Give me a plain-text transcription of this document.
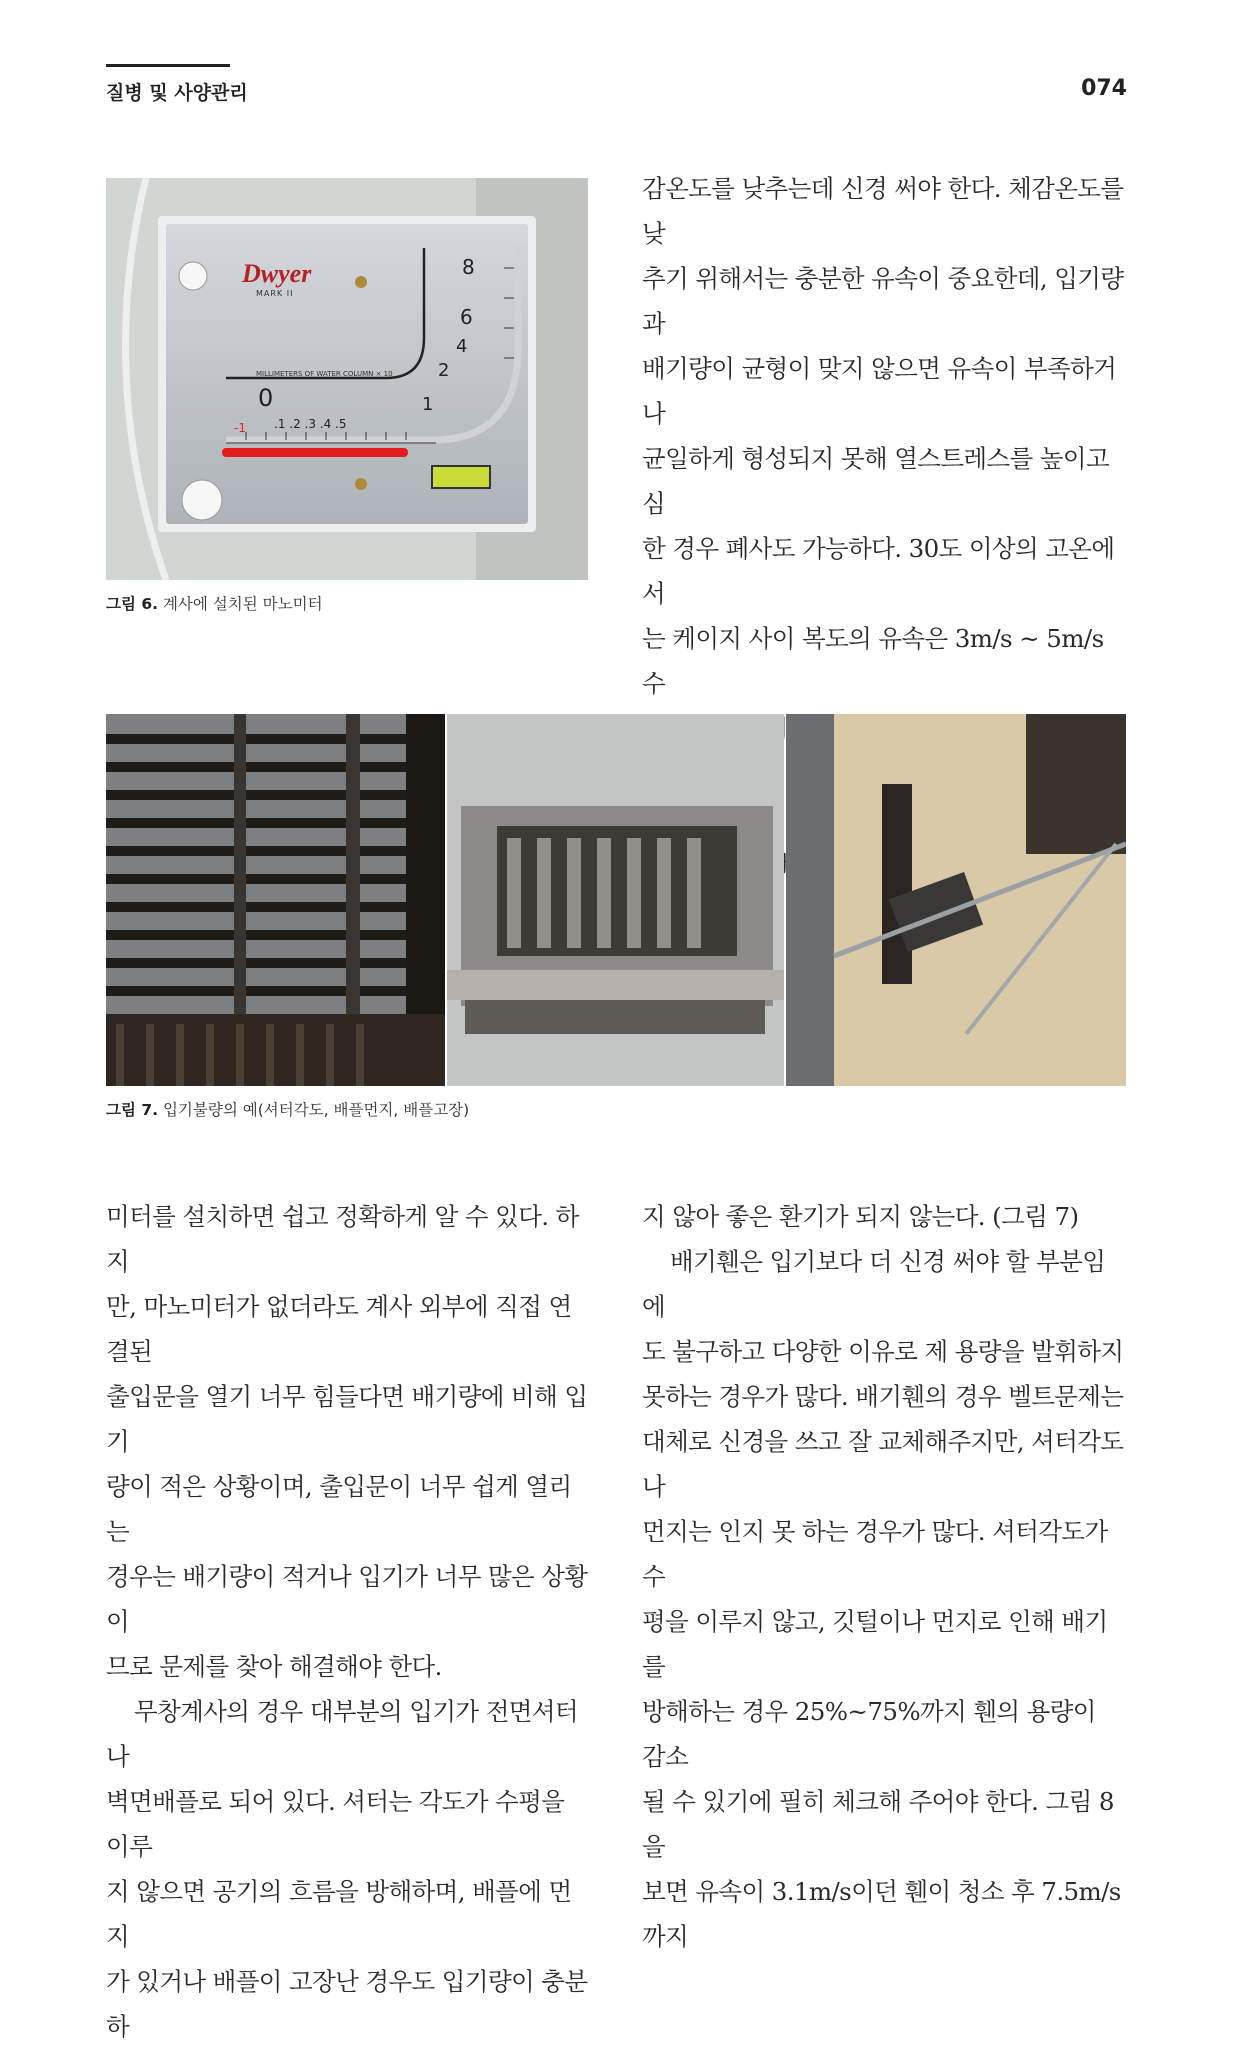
질병 및 사양관리	074
8
6
4
2
1
0
MILLIMETERS OF WATER COLUMN × 10
.1 .2 .3 .4 .5
-1
Dwyer
MARK II
그림 6. 계사에 설치된 마노미터

감온도를 낮추는데 신경 써야 한다. 체감온도를 낮
추기 위해서는 충분한 유속이 중요한데, 입기량과
배기량이 균형이 맞지 않으면 유속이 부족하거나
균일하게 형성되지 못해 열스트레스를 높이고 심
한 경우 폐사도 가능하다. 30도 이상의 고온에서
는 케이지 사이 복도의 유속은 3m/s ~ 5m/s 수

그림 7. 입기불량의 예(셔터각도, 배플먼지, 배플고장)

미터를 설치하면 쉽고 정확하게 알 수 있다. 하지
만, 마노미터가 없더라도 계사 외부에 직접 연결된
출입문을 열기 너무 힘들다면 배기량에 비해 입기
량이 적은 상황이며, 출입문이 너무 쉽게 열리는
경우는 배기량이 적거나 입기가 너무 많은 상황이
므로 문제를 찾아 해결해야 한다.

무창계사의 경우 대부분의 입기가 전면셔터나
벽면배플로 되어 있다. 셔터는 각도가 수평을 이루
지 않으면 공기의 흐름을 방해하며, 배플에 먼지
가 있거나 배플이 고장난 경우도 입기량이 충분하

지 않아 좋은 환기가 되지 않는다. (그림 7)

배기휀은 입기보다 더 신경 써야 할 부분임에
도 불구하고 다양한 이유로 제 용량을 발휘하지
못하는 경우가 많다. 배기휀의 경우 벨트문제는
대체로 신경을 쓰고 잘 교체해주지만, 셔터각도나
먼지는 인지 못 하는 경우가 많다. 셔터각도가 수
평을 이루지 않고, 깃털이나 먼지로 인해 배기를
방해하는 경우 25%~75%까지 휀의 용량이 감소
될 수 있기에 필히 체크해 주어야 한다. 그림 8을
보면 유속이 3.1m/s이던 휀이 청소 후 7.5m/s까지
